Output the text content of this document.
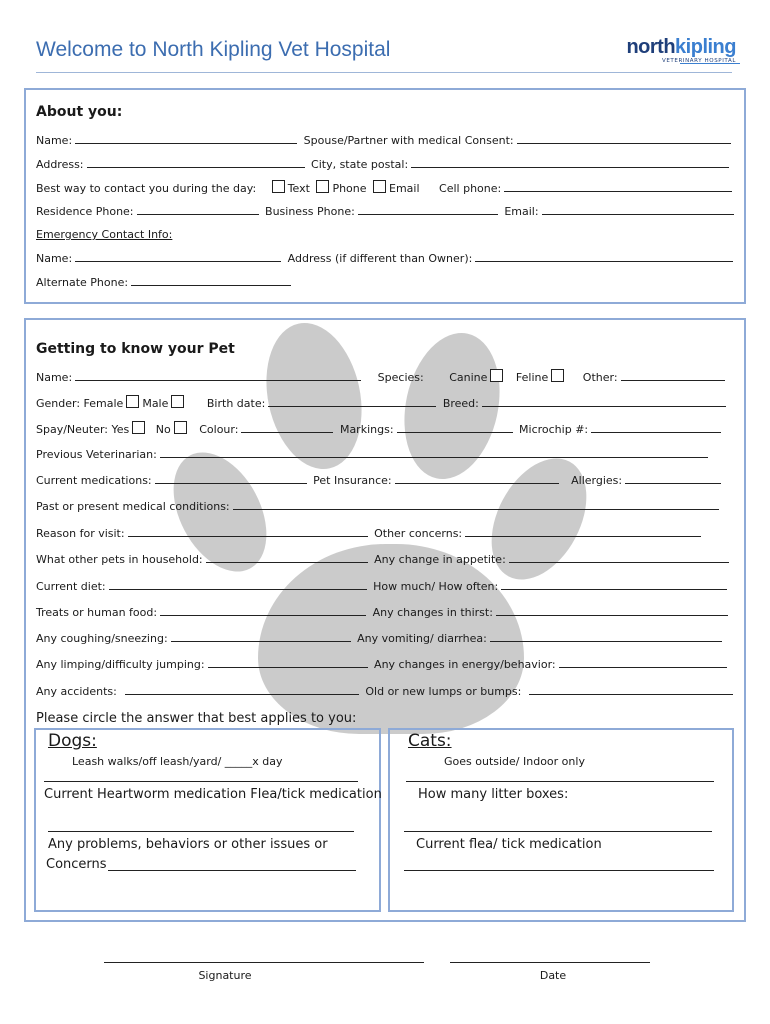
Welcome to North Kipling Vet Hospital	northkipling
VETERINARY HOSPITAL
About you:
Name:	Spouse/Partner with medical Consent:
Address:	City, state postal:
Best way to contact you during the day:	Text Phone Email Cell phone:
Residence Phone:	Business Phone:	Email:
Emergency Contact Info:
Name:	Address (if different than Owner):
Alternate Phone:
Getting to know your Pet
Name:	Species: Canine	Feline	Other:
Gender: Female Male	Birth date:	Breed:
Spay/Neuter: Yes No	Colour:	Markings:	Microchip #:
Previous Veterinarian:
Current medications:	Pet Insurance:	Allergies:
Past or present medical conditions:
Reason for visit:	Other concerns:
What other pets in household:	Any change in appetite:
Current diet:	How much/ How often:
Treats or human food:	Any changes in thirst:
Any coughing/sneezing:	Any vomiting/ diarrhea:
Any limping/difficulty jumping:	Any changes in energy/behavior:
Any accidents:	Old or new lumps or bumps:
Please circle the answer that best applies to you:
Dogs:
Leash walks/off leash/yard/ _____x day
Current Heartworm medication Flea/tick medication
Any problems, behaviors or other issues or
Concerns
Cats:
Goes outside/ Indoor only
How many litter boxes:
Current flea/ tick medication
Signature	Date
